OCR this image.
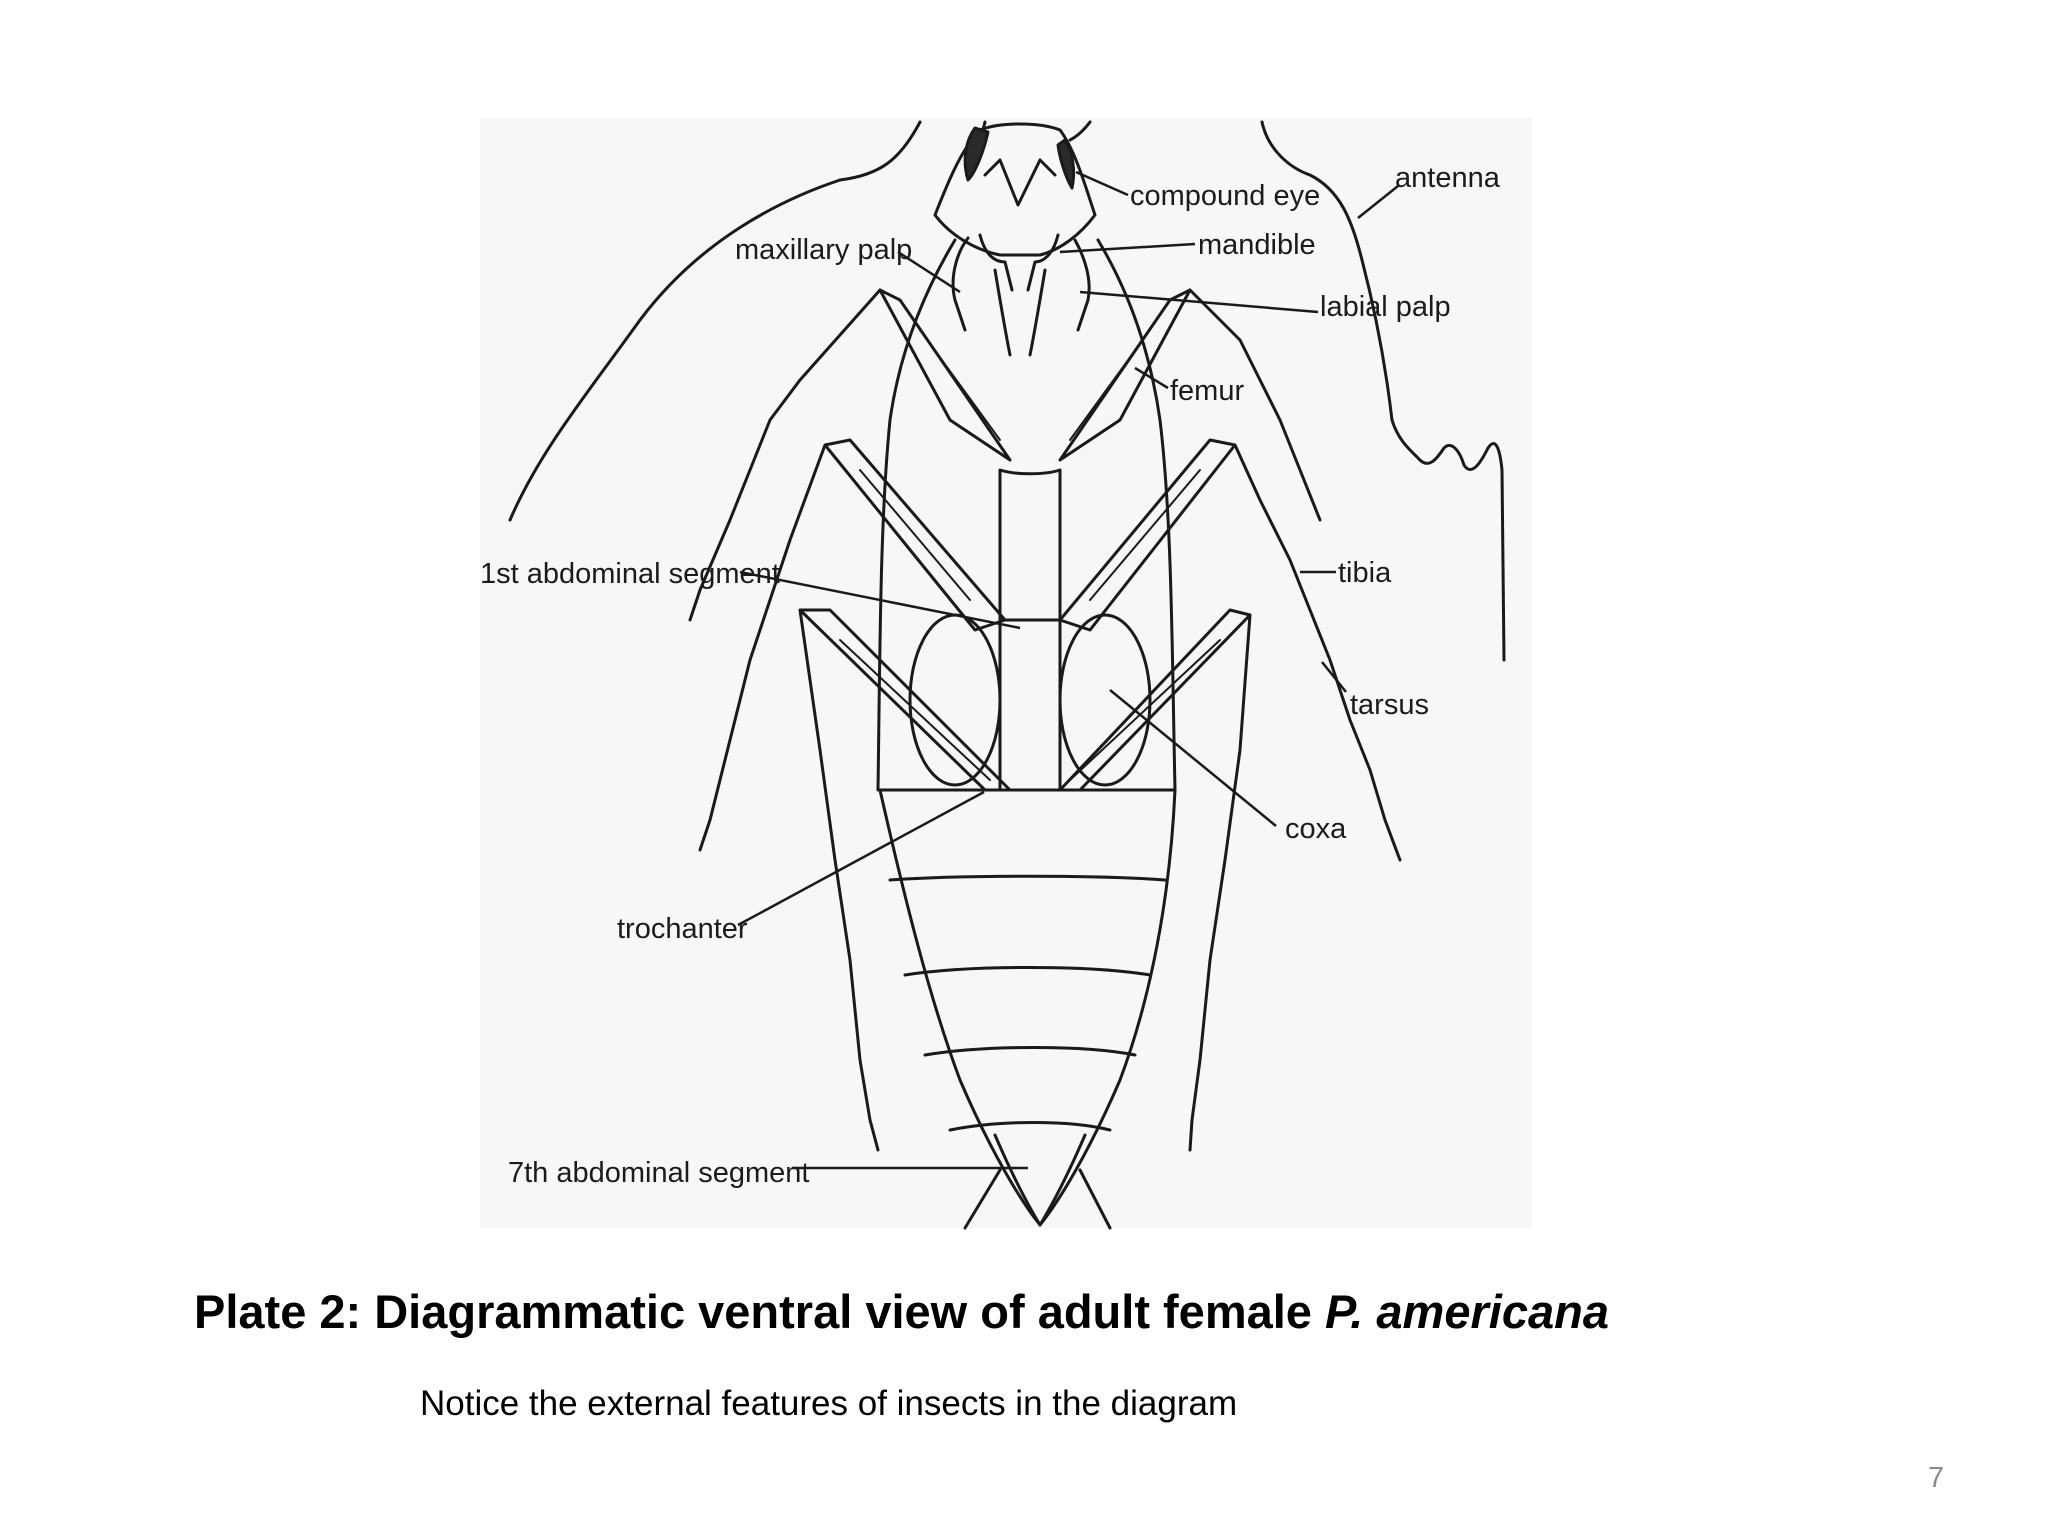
compound eye
antenna
maxillary palp	mandible
labial palp
femur
1st abdominal segment	tibia
tarsus
coxa
trochanter
7th abdominal segment
Plate 2: Diagrammatic ventral view of adult female P. americana

Notice the external features of insects in the diagram

7
